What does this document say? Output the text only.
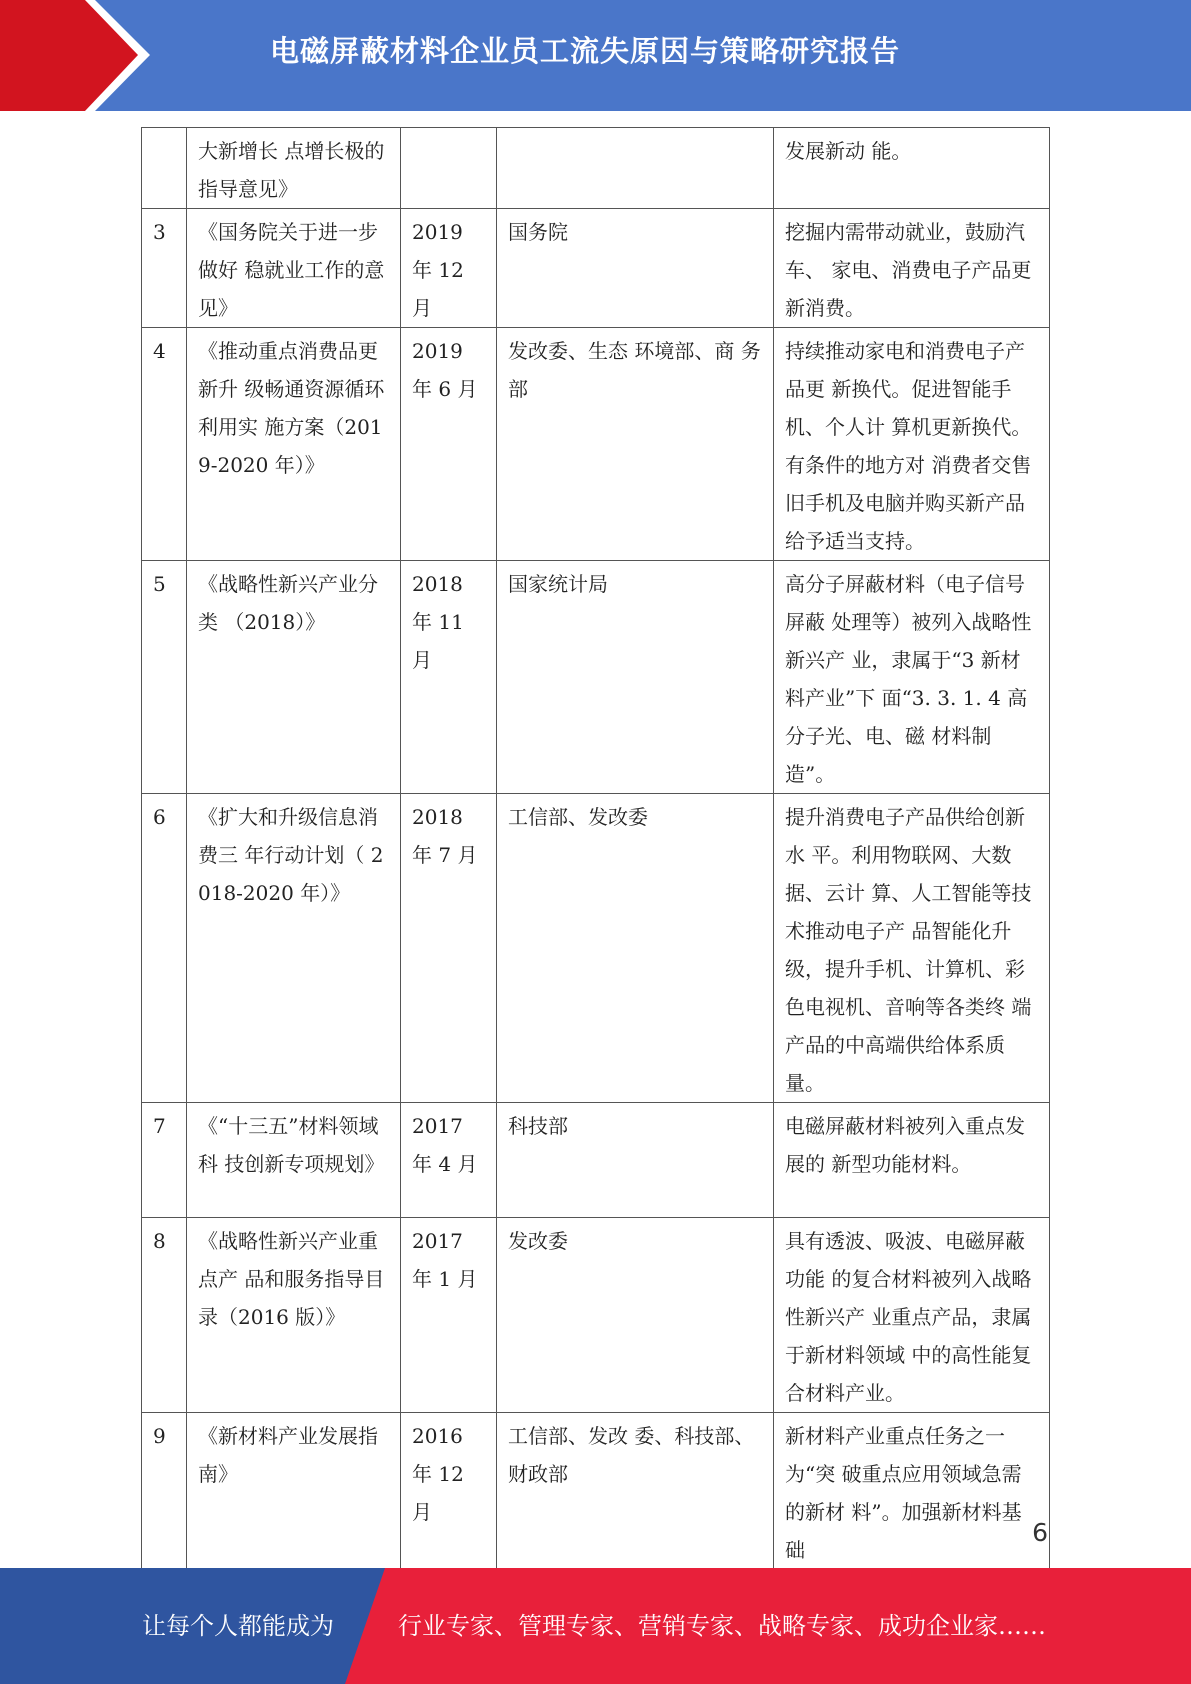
电磁屏蔽材料企业员工流失原因与策略研究报告
	大新增长 点增长极的指导意见》			发展新动 能。
3	《国务院关于进一步做好 稳就业工作的意见》	2019 年 12 月	国务院	挖掘内需带动就业，鼓励汽车、 家电、消费电子产品更新消费。
4	《推动重点消费品更新升 级畅通资源循环利用实 施方案（2019-2020 年）》	2019 年 6 月	发改委、生态 环境部、商 务 部	持续推动家电和消费电子产品更 新换代。促进智能手机、个人计 算机更新换代。有条件的地方对 消费者交售旧手机及电脑并购买新产品给予适当支持。
5	《战略性新兴产业分类 （2018）》	2018 年 11 月	国家统计局	高分子屏蔽材料（电子信号屏蔽 处理等）被列入战略性新兴产 业，隶属于“3 新材料产业”下 面“3. 3. 1. 4 高分子光、电、磁 材料制造”。
6	《扩大和升级信息消费三 年行动计划（ 2018-2020 年）》	2018 年 7 月	工信部、发改委	提升消费电子产品供给创新水 平。利用物联网、大数据、云计 算、人工智能等技术推动电子产 品智能化升级，提升手机、计算机、彩色电视机、音响等各类终 端产品的中高端供给体系质量。
7	《“十三五”材料领域科 技创新专项规划》	2017 年 4 月	科技部	电磁屏蔽材料被列入重点发展的 新型功能材料。
8	《战略性新兴产业重点产 品和服务指导目录（2016 版）》	2017 年 1 月	发改委	具有透波、吸波、电磁屏蔽功能 的复合材料被列入战略性新兴产 业重点产品，隶属于新材料领域 中的高性能复合材料产业。
9	《新材料产业发展指南》	2016 年 12 月	工信部、发改 委、科技部、 财政部	新材料产业重点任务之一为“突 破重点应用领域急需的新材 料”。加强新材料基础
6
让每个人都能成为	行业专家、管理专家、营销专家、战略专家、成功企业家……
